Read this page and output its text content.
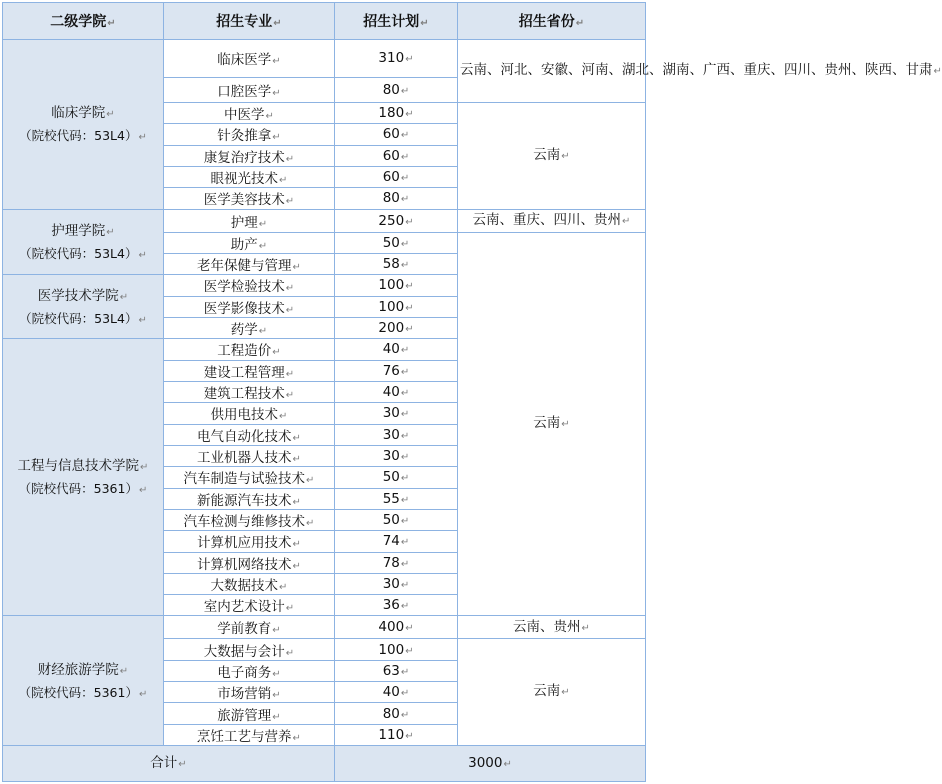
二级学院↵	招生专业↵	招生计划↵	招生省份↵
临床学院↵
（院校代码：53L4）↵	临床医学↵	310↵	云南、河北、安徽、河南、湖北、湖南、广西、重庆、四川、贵州、陕西、甘肃↵
	口腔医学↵	80↵	
	中医学↵	180↵	云南↵
	针灸推拿↵	60↵	
	康复治疗技术↵	60↵	
	眼视光技术↵	60↵	
	医学美容技术↵	80↵	
护理学院↵
（院校代码：53L4）↵	护理↵	250↵	云南、重庆、四川、贵州↵
	助产↵	50↵	云南↵
	老年保健与管理↵	58↵	
医学技术学院↵
（院校代码：53L4）↵	医学检验技术↵	100↵	
	医学影像技术↵	100↵	
	药学↵	200↵	
工程与信息技术学院↵
（院校代码：5361）↵	工程造价↵	40↵	
	建设工程管理↵	76↵	
	建筑工程技术↵	40↵	
	供用电技术↵	30↵	
	电气自动化技术↵	30↵	
	工业机器人技术↵	30↵	
	汽车制造与试验技术↵	50↵	
	新能源汽车技术↵	55↵	
	汽车检测与维修技术↵	50↵	
	计算机应用技术↵	74↵	
	计算机网络技术↵	78↵	
	大数据技术↵	30↵	
	室内艺术设计↵	36↵	
财经旅游学院↵
（院校代码：5361）↵	学前教育↵	400↵	云南、贵州↵
	大数据与会计↵	100↵	云南↵
	电子商务↵	63↵	
	市场营销↵	40↵	
	旅游管理↵	80↵	
	烹饪工艺与营养↵	110↵	
合计↵		3000↵	
